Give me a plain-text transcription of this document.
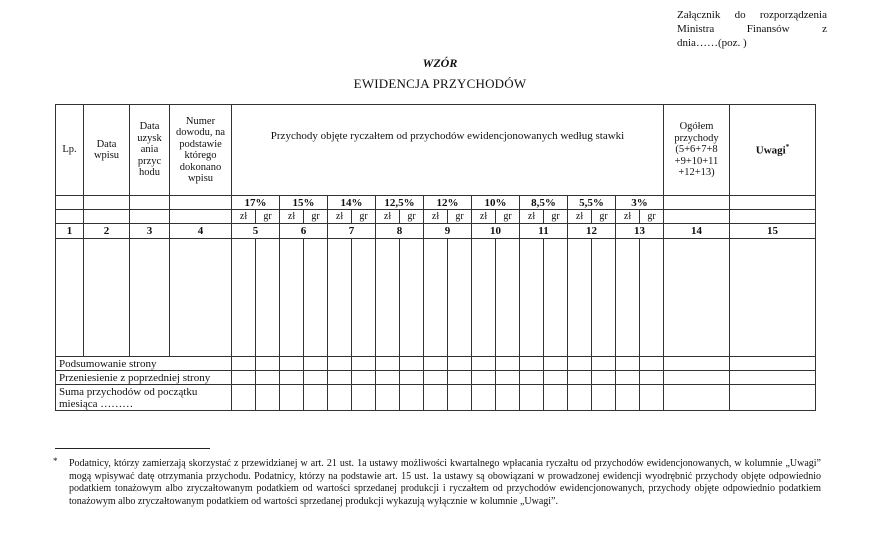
Załącznik do rozporządzenia
Ministra Finansów z
dnia……(poz. )
WZÓR
EWIDENCJA PRZYCHODÓW
Lp.	Data wpisu	Data uzysk ania przyc hodu	Numer dowodu, na podstawie którego dokonano wpisu	Przychody objęte ryczałtem od przychodów ewidencjonowanych według stawki																		Ogółem przychody (5+6+7+8 +9+10+11 +12+13)	Uwagi*
				17%		15%		14%		12,5%		12%		10%		8,5%		5,5%		3%			
				zł	gr	zł	gr	zł	gr	zł	gr	zł	gr	zł	gr	zł	gr	zł	gr	zł	gr		
1	2	3	4	5		6		7		8		9		10		11		12		13		14	15

Podsumowanie strony																							
Przeniesienie z poprzedniej strony																							
Suma przychodów od początku miesiąca ………																							
* Podatnicy, którzy zamierzają skorzystać z przewidzianej w art. 21 ust. 1a ustawy możliwości kwartalnego wpłacania ryczałtu od przychodów ewidencjonowanych, w kolumnie „Uwagi” mogą wpisywać datę otrzymania przychodu. Podatnicy, którzy na podstawie art. 15 ust. 1a ustawy są obowiązani w prowadzonej ewidencji wyodrębnić przychody objęte odpowiednio podatkiem tonażowym albo zryczałtowanym podatkiem od wartości sprzedanej produkcji i ryczałtem od przychodów ewidencjonowanych, przychody objęte odpowiednio podatkiem tonażowym albo zryczałtowanym podatkiem od wartości sprzedanej produkcji wykazują wyłącznie w kolumnie „Uwagi”.
